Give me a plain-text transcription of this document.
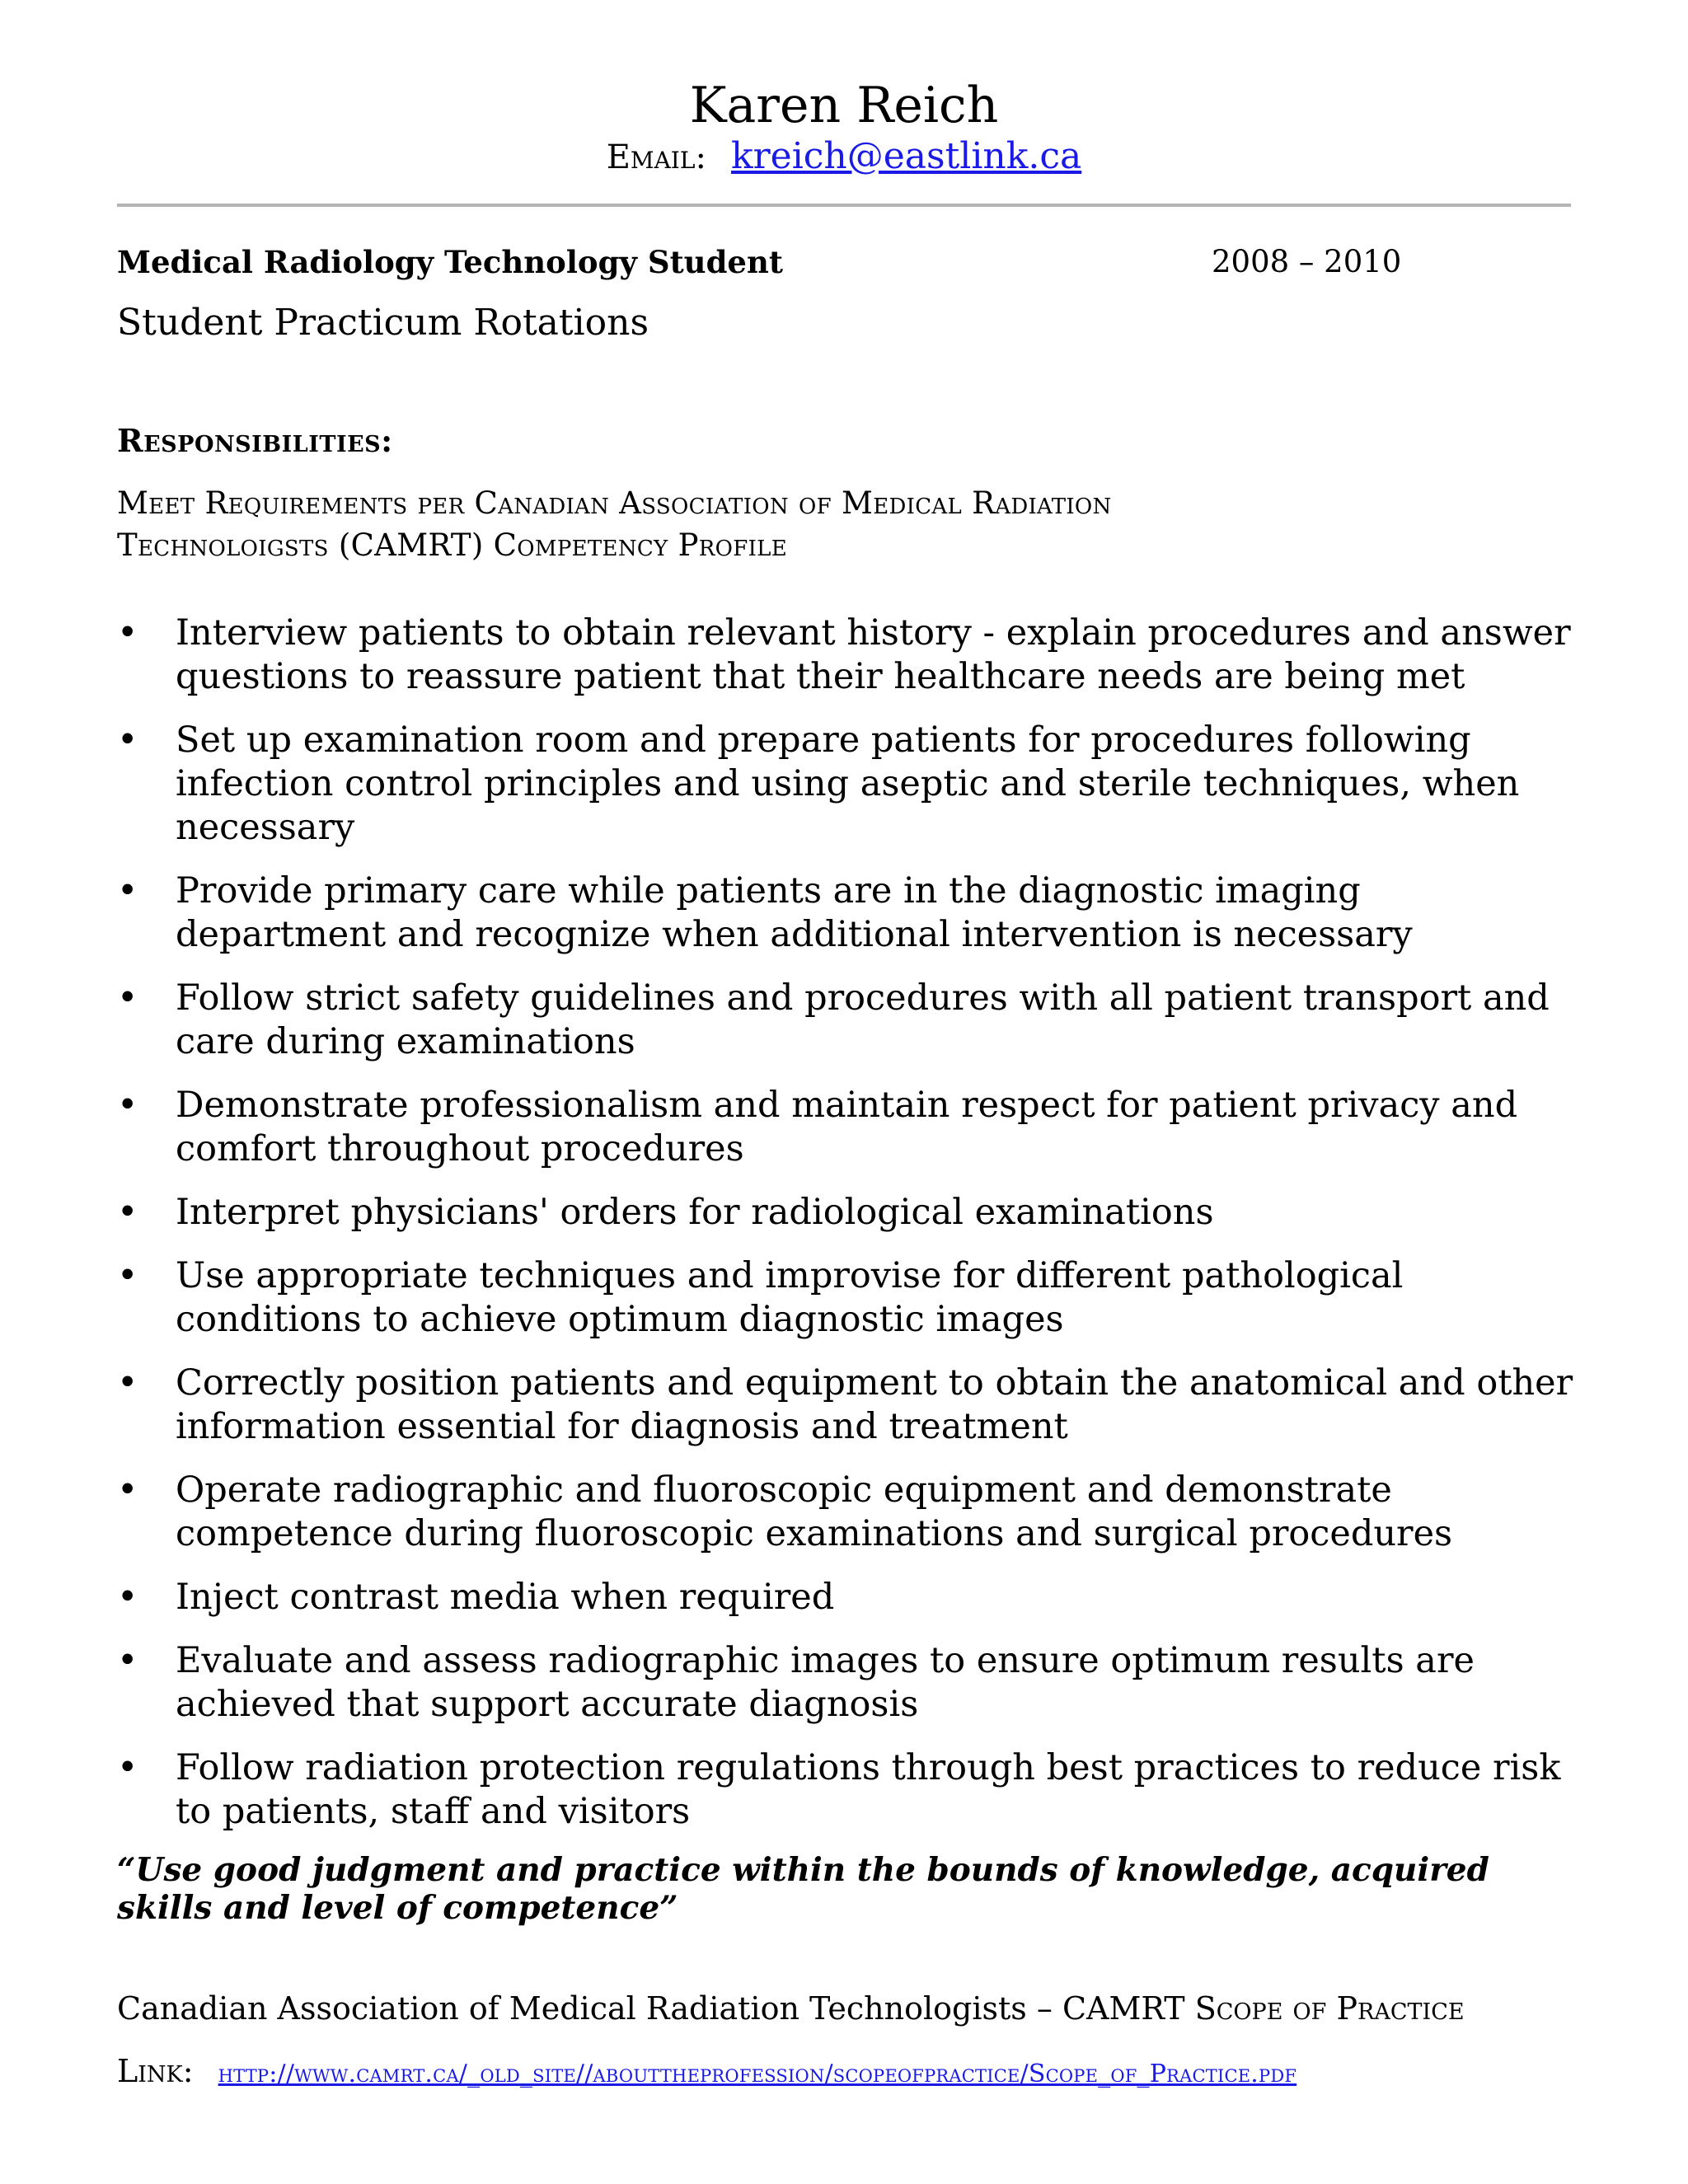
Karen Reich
Email: kreich@eastlink.ca
Medical Radiology Technology Student	2008 – 2010
Student Practicum Rotations
Responsibilities:
Meet Requirements per Canadian Association of Medical Radiation
Technoloigsts (CAMRT) Competency Profile
• Interview patients to obtain relevant history - explain procedures and answer questions to reassure patient that their healthcare needs are being met
• Set up examination room and prepare patients for procedures following infection control principles and using aseptic and sterile techniques, when necessary
• Provide primary care while patients are in the diagnostic imaging department and recognize when additional intervention is necessary
• Follow strict safety guidelines and procedures with all patient transport and care during examinations
• Demonstrate professionalism and maintain respect for patient privacy and comfort throughout procedures
• Interpret physicians' orders for radiological examinations
• Use appropriate techniques and improvise for different pathological conditions to achieve optimum diagnostic images
• Correctly position patients and equipment to obtain the anatomical and other information essential for diagnosis and treatment
• Operate radiographic and fluoroscopic equipment and demonstrate competence during fluoroscopic examinations and surgical procedures
• Inject contrast media when required
• Evaluate and assess radiographic images to ensure optimum results are achieved that support accurate diagnosis
• Follow radiation protection regulations through best practices to reduce risk to patients, staff and visitors
“Use good judgment and practice within the bounds of knowledge, acquired skills and level of competence”
Canadian Association of Medical Radiation Technologists – CAMRT Scope of Practice
Link: http://www.camrt.ca/_old_site//abouttheprofession/scopeofpractice/Scope_of_Practice.pdf
